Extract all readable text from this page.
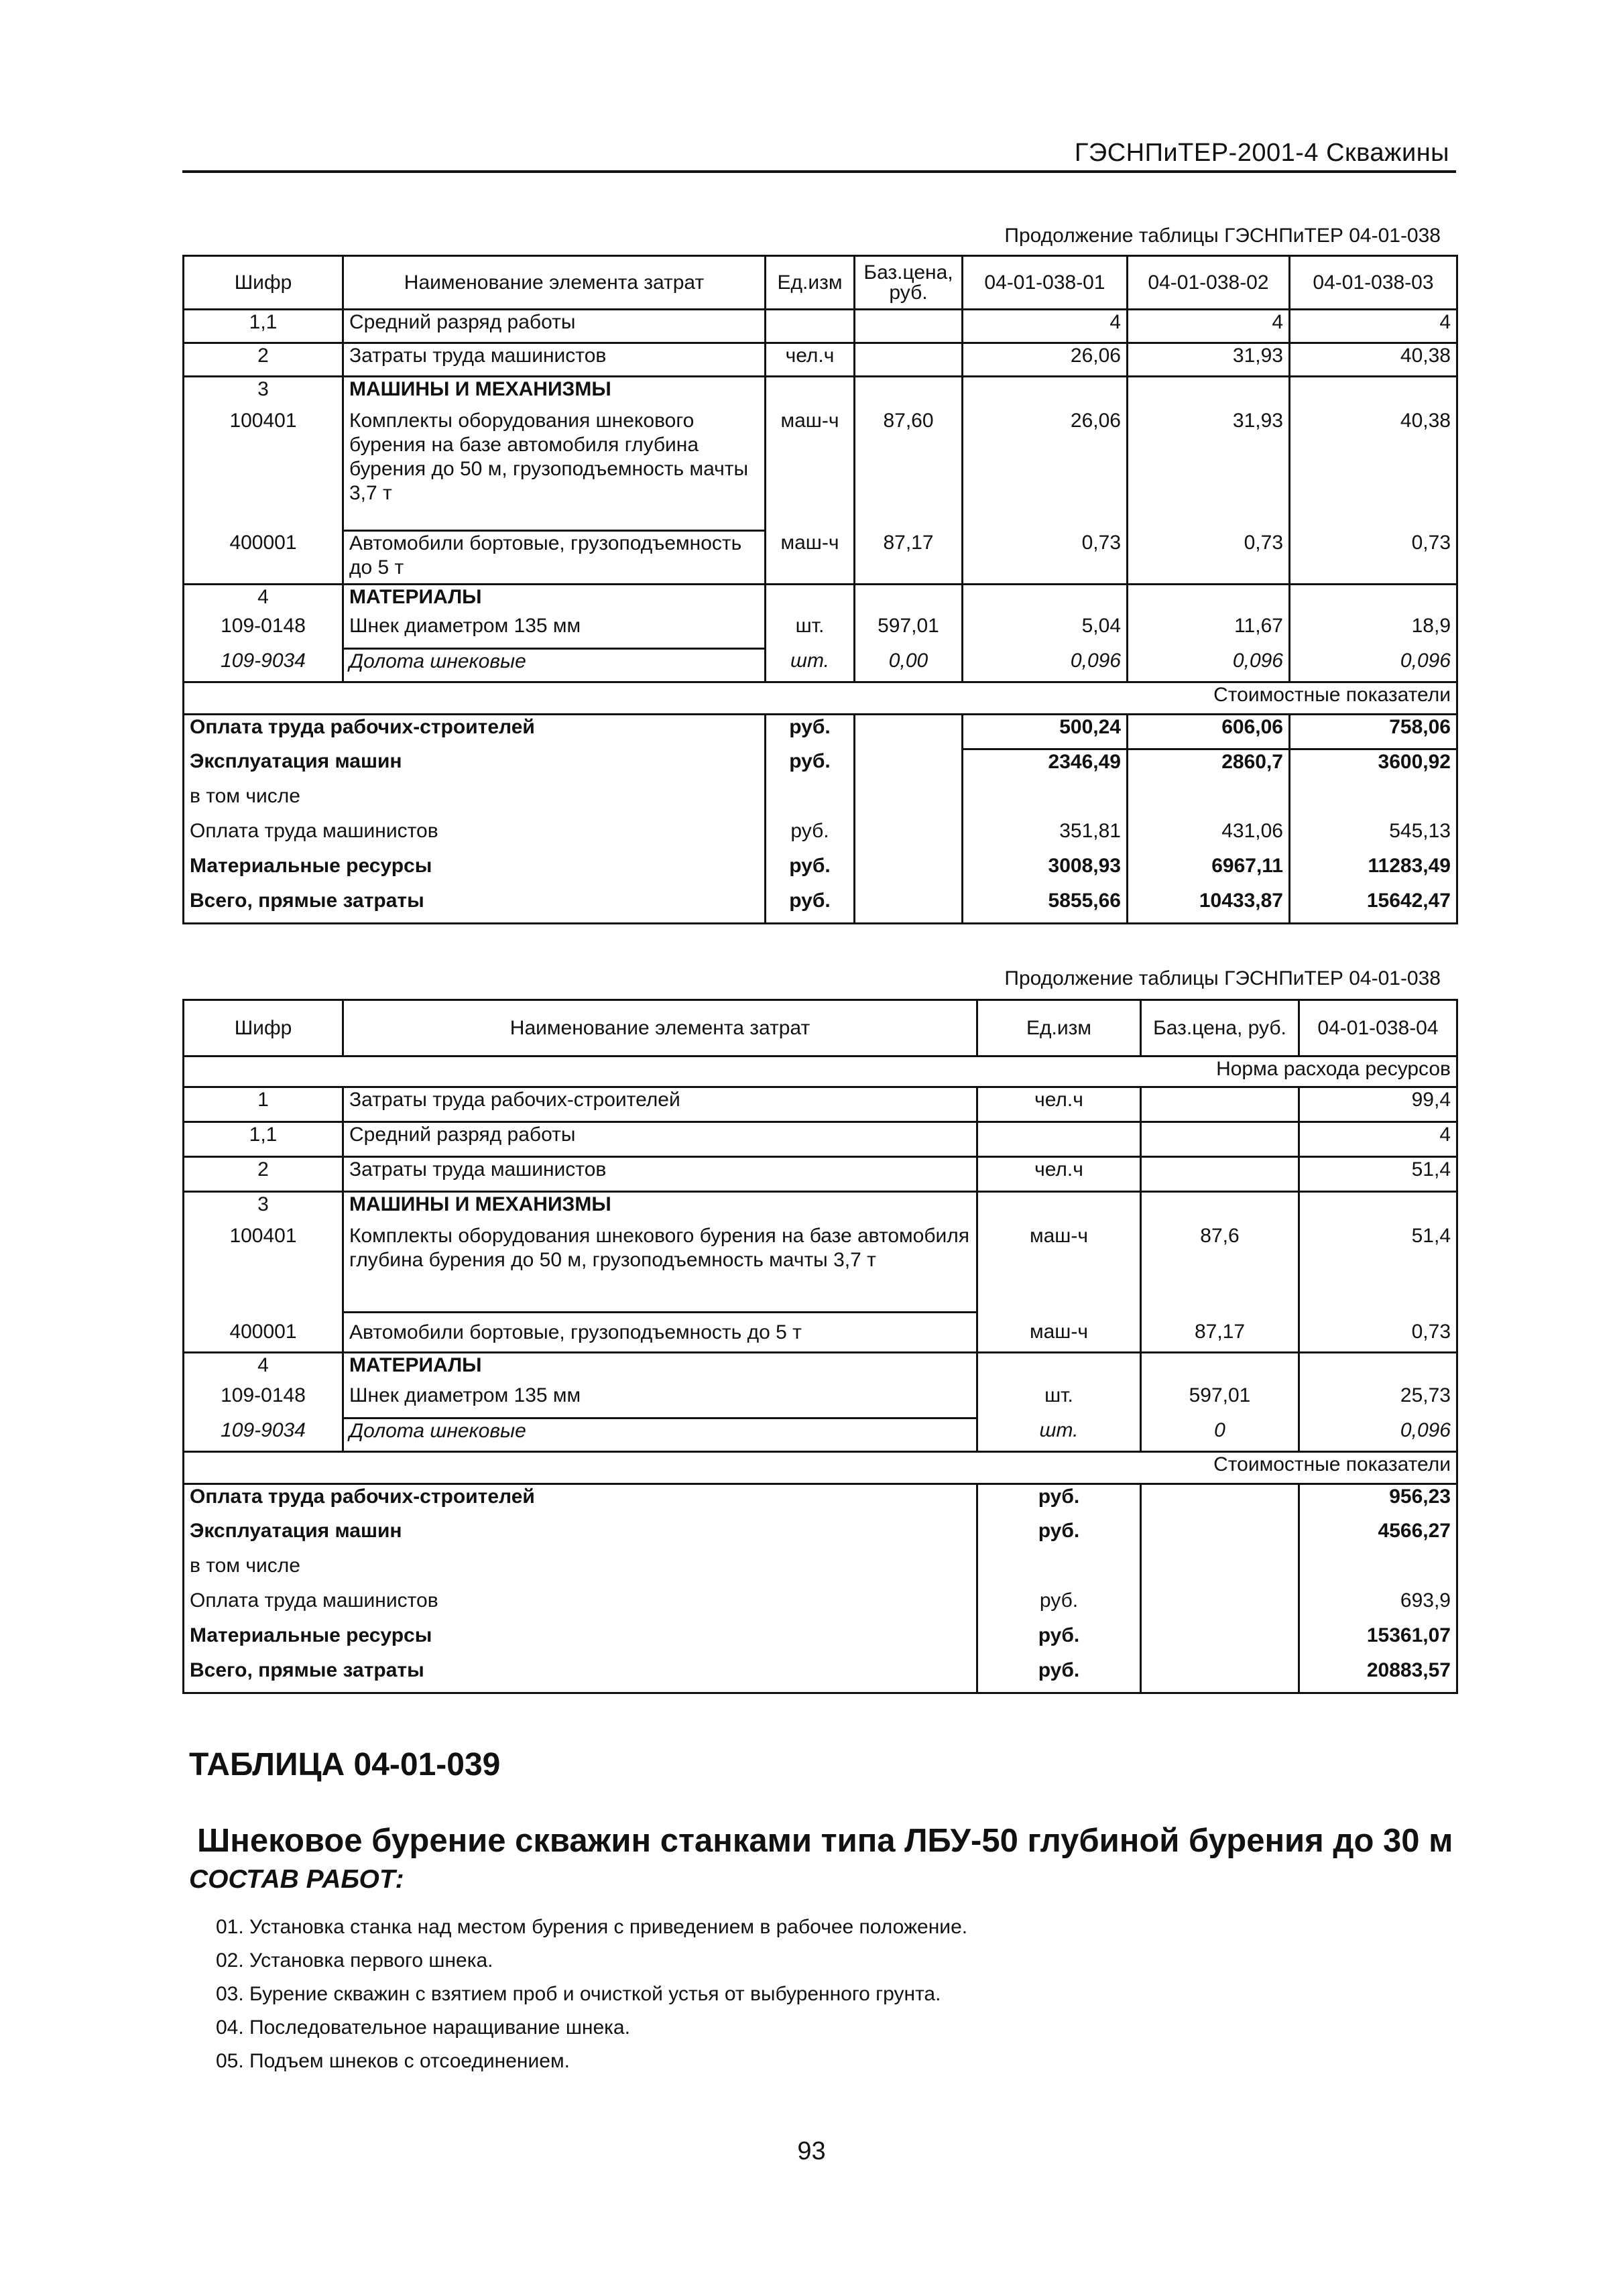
ГЭСНПиТЕР-2001-4 Скважины
Продолжение таблицы ГЭСНПиТЕР 04-01-038
Шифр	Наименование элемента затрат	Ед.изм	Баз.цена, руб.	04-01-038-01	04-01-038-02	04-01-038-03
1,1	Средний разряд работы			4	4	4
2	Затраты труда машинистов	чел.ч		26,06	31,93	40,38
3	МАШИНЫ И МЕХАНИЗМЫ					
100401	Комплекты оборудования шнекового бурения на базе автомобиля глубина бурения до 50 м, грузоподъемность мачты 3,7 т	маш-ч	87,60	26,06	31,93	40,38
400001	Автомобили бортовые, грузоподъемность до 5 т	маш-ч	87,17	0,73	0,73	0,73
4	МАТЕРИАЛЫ					
109-0148	Шнек диаметром 135 мм	шт.	597,01	5,04	11,67	18,9
109-9034	Долота шнековые	шт.	0,00	0,096	0,096	0,096
Стоимостные показатели						
Оплата труда рабочих-строителей		руб.		500,24	606,06	758,06
Эксплуатация машин		руб.		2346,49	2860,7	3600,92
в том числе						
Оплата труда машинистов		руб.		351,81	431,06	545,13
Материальные ресурсы		руб.		3008,93	6967,11	11283,49
Всего, прямые затраты		руб.		5855,66	10433,87	15642,47
Продолжение таблицы ГЭСНПиТЕР 04-01-038
Шифр	Наименование элемента затрат	Ед.изм	Баз.цена, руб.	04-01-038-04
Норма расхода ресурсов				
1	Затраты труда рабочих-строителей	чел.ч		99,4
1,1	Средний разряд работы			4
2	Затраты труда машинистов	чел.ч		51,4
3	МАШИНЫ И МЕХАНИЗМЫ			
100401	Комплекты оборудования шнекового бурения на базе автомобиля глубина бурения до 50 м, грузоподъемность мачты 3,7 т	маш-ч	87,6	51,4
400001	Автомобили бортовые, грузоподъемность до 5 т	маш-ч	87,17	0,73
4	МАТЕРИАЛЫ			
109-0148	Шнек диаметром 135 мм	шт.	597,01	25,73
109-9034	Долота шнековые	шт.	0	0,096
Стоимостные показатели				
Оплата труда рабочих-строителей		руб.		956,23
Эксплуатация машин		руб.		4566,27
в том числе				
Оплата труда машинистов		руб.		693,9
Материальные ресурсы		руб.		15361,07
Всего, прямые затраты		руб.		20883,57
ТАБЛИЦА 04-01-039
Шнековое бурение скважин станками типа ЛБУ-50 глубиной бурения до 30 м
СОСТАВ РАБОТ:
01. Установка станка над местом бурения с приведением в рабочее положение.
02. Установка первого шнека.
03. Бурение скважин с взятием проб и очисткой устья от выбуренного грунта.
04. Последовательное наращивание шнека.
05. Подъем шнеков с отсоединением.
93
